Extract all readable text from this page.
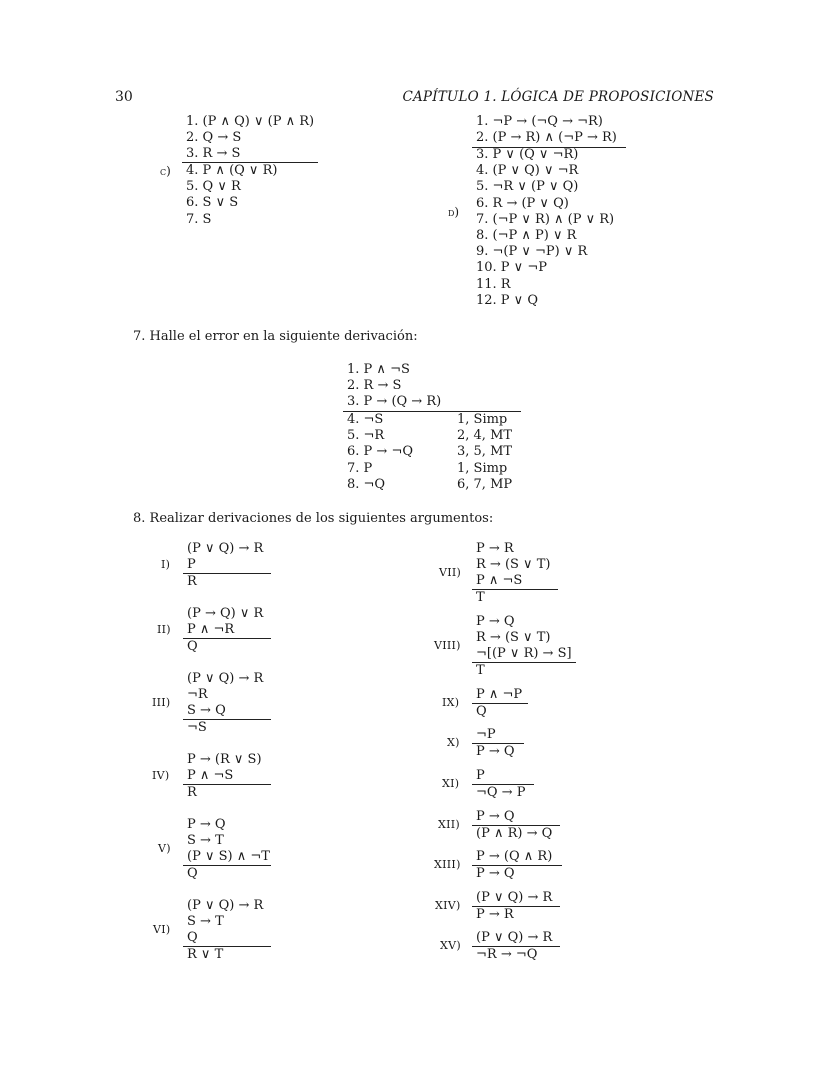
30	CAPÍTULO 1. LÓGICA DE PROPOSICIONES
1. (P ∧ Q) ∨ (P ∧ R)
2. Q → S
3. R → S
c) 4. P ∧ (Q ∨ R)
5. Q ∨ R
6. S ∨ S
7. S
1. ¬P → (¬Q → ¬R)
2. (P → R) ∧ (¬P → R)
d)
3. P ∨ (Q ∨ ¬R)
4. (P ∨ Q) ∨ ¬R
5. ¬R ∨ (P ∨ Q)
6. R → (P ∨ Q)
7. (¬P ∨ R) ∧ (P ∨ R)
8. (¬P ∧ P) ∨ R
9. ¬(P ∨ ¬P) ∨ R
10. P ∨ ¬P
11. R
12. P ∨ Q
7. Halle el error en la siguiente derivación:
1. P ∧ ¬S
2. R → S
3. P → (Q → R)
4. ¬S	1, Simp
5. ¬R	2, 4, MT
6. P → ¬Q	3, 5, MT
7. P	1, Simp
8. ¬Q	6, 7, MP
8. Realizar derivaciones de los siguientes argumentos:
I)
(P ∨ Q) → R
P
R
II)
(P → Q) ∨ R
P ∧ ¬R
Q
III)
(P ∨ Q) → R
¬R
S → Q
¬S
IV)
P → (R ∨ S)
P ∧ ¬S
R
V)
P → Q
S → T
(P ∨ S) ∧ ¬T
Q
VI)
(P ∨ Q) → R
S → T
Q
R ∨ T
VII)
P → R
R → (S ∨ T)
P ∧ ¬S
T
VIII)
P → Q
R → (S ∨ T)
¬[(P ∨ R) → S]
T
IX)
P ∧ ¬P
Q
X)
¬P
P → Q
XI)
P
¬Q → P
XII)
P → Q
(P ∧ R) → Q
XIII)
P → (Q ∧ R)
P → Q
XIV)
(P ∨ Q) → R
P → R
XV)
(P ∨ Q) → R
¬R → ¬Q
